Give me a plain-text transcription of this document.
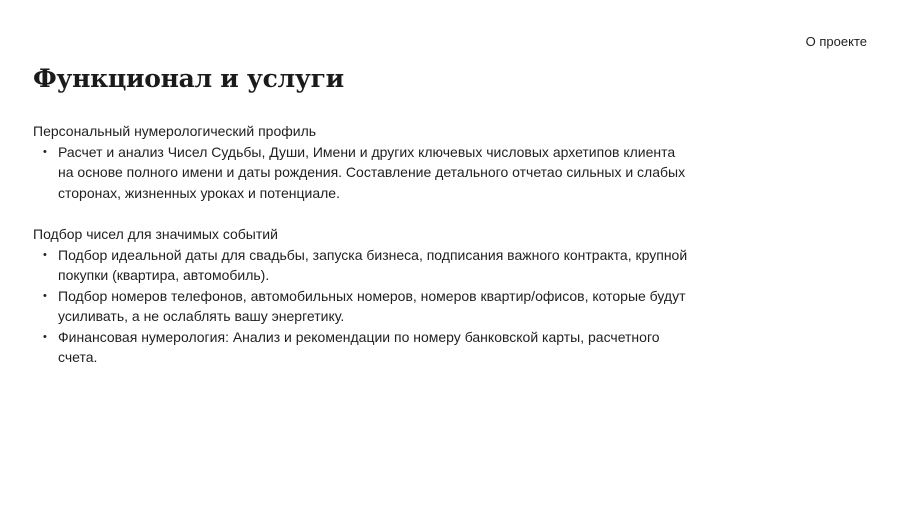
О проекте
Функционал и услуги

Персональный нумерологический профиль

• Расчет и анализ Чисел Судьбы, Души, Имени и других ключевых числовых архетипов клиента на основе полного имени и даты рождения. Составление детального отчетао сильных и слабых сторонах, жизненных уроках и потенциале.

Подбор чисел для значимых событий

• Подбор идеальной даты для свадьбы, запуска бизнеса, подписания важного контракта, крупной покупки (квартира, автомобиль).
• Подбор номеров телефонов, автомобильных номеров, номеров квартир/офисов, которые будут усиливать, а не ослаблять вашу энергетику.
• Финансовая нумерология: Анализ и рекомендации по номеру банковской карты, расчетного счета.
